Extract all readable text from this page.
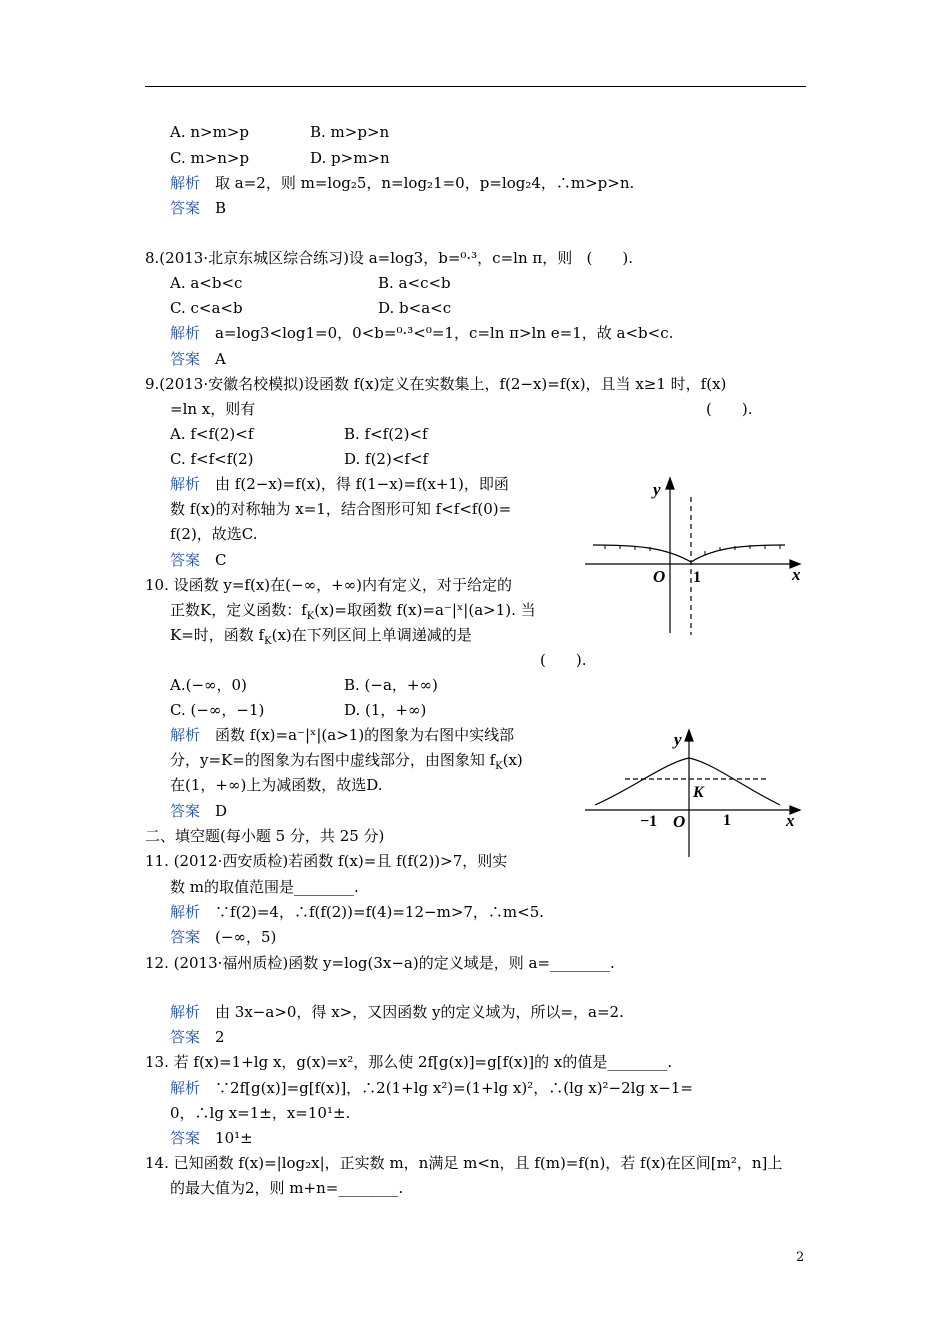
A. n>m>p	B. m>p>n
C. m>n>p	D. p>m>n
解析　 取 a=2，则 m=log₂5，n=log₂1=0，p=log₂4，∴m>p>n.
答案　 B
8.(2013·北京东城区综合练习)设 a=log3，b=⁰·³，c=ln π，则   (　　).
A. a<b<c	B. a<c<b
C. c<a<b	D. b<a<c
解析　 a=log3<log1=0，0<b=⁰·³<⁰=1，c=ln π>ln e=1，故 a<b<c.
答案　 A
9.(2013·安徽名校模拟)设函数 f(x)定义在实数集上，f(2−x)=f(x)，且当 x≥1 时，f(x)
=ln x，则有	(　　).
A. f<f(2)<f	B. f<f(2)<f
C. f<f<f(2)	D. f(2)<f<f
解析　 由 f(2−x)=f(x)，得 f(1−x)=f(x+1)，即函
数 f(x)的对称轴为 x=1，结合图形可知 f<f<f(0)=
f(2)，故选C.
答案　 C
y
x
O 1
10. 设函数 y=f(x)在(−∞，+∞)内有定义，对于给定的
正数K，定义函数：$f_K(x)=$取函数 f(x)=a⁻|ˣ|(a>1). 当
K=时，函数 $f_K(x)$在下列区间上单调递减的是
(　　).
A.(−∞，0)	B. (−a，+∞)
C. (−∞，−1)	D. (1，+∞)
解析　 函数 f(x)=a⁻|ˣ|(a>1)的图象为右图中实线部
分，y=K=的图象为右图中虚线部分，由图象知 $f_K(x)$
在(1，+∞)上为减函数，故选D.
答案　 D
y
x
O
K
−1	1
二、填空题(每小题 5 分，共 25 分)
11. (2012·西安质检)若函数 f(x)=且 f(f(2))>7，则实
数 m的取值范围是________.
解析　 ∵f(2)=4，∴f(f(2))=f(4)=12−m>7，∴m<5.
答案　 (−∞，5)
12. (2013·福州质检)函数 y=log(3x−a)的定义域是，则 a=________.
解析　 由 3x−a>0，得 x>，又因函数 y的定义域为，所以=，a=2.
答案　 2
13. 若 f(x)=1+lg x，g(x)=x²，那么使 2f[g(x)]=g[f(x)]的 x的值是________.
解析　 ∵2f[g(x)]=g[f(x)]，∴2(1+lg x²)=(1+lg x)²，∴(lg x)²−2lg x−1=
0，∴lg x=1±，x=10¹±.
答案　 10¹±
14. 已知函数 f(x)=|log₂x|，正实数 m，n满足 m<n，且 f(m)=f(n)，若 f(x)在区间[m²，n]上
的最大值为2，则 m+n=________.
2
